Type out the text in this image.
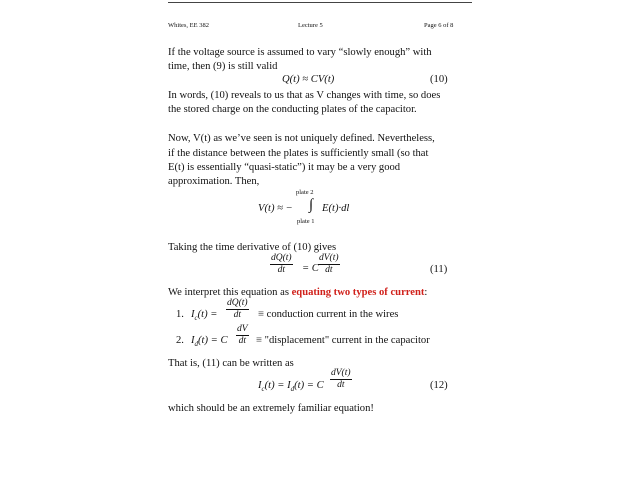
Whites, EE 382	Lecture 5	Page 6 of 8
If the voltage source is assumed to vary “slowly enough” with
time, then (9) is still valid
Q(t) ≈ CV(t)	(10)
In words, (10) reveals to us that as V changes with time, so does
the stored charge on the conducting plates of the capacitor.
Now, V(t) as we’ve seen is not uniquely defined. Nevertheless,
if the distance between the plates is sufficiently small (so that
E(t) is essentially “quasi-static”) it may be a very good
approximation. Then,
plate 2
V(t) ≈ − ∫ E(t)·dl
plate 1
Taking the time derivative of (10) gives
$\frac{dQ(t)}{dt} = C \frac{dV(t)}{dt}$	(11)
We interpret this equation as equating two types of current:
1. $I_c(t) = \frac{dQ(t)}{dt}$ ≡ conduction current in the wires
2. $I_d(t) = C \frac{dV}{dt}$ ≡ "displacement" current in the capacitor
That is, (11) can be written as
$I_c(t) = I_d(t) = C \frac{dV(t)}{dt}$	(12)
which should be an extremely familiar equation!
